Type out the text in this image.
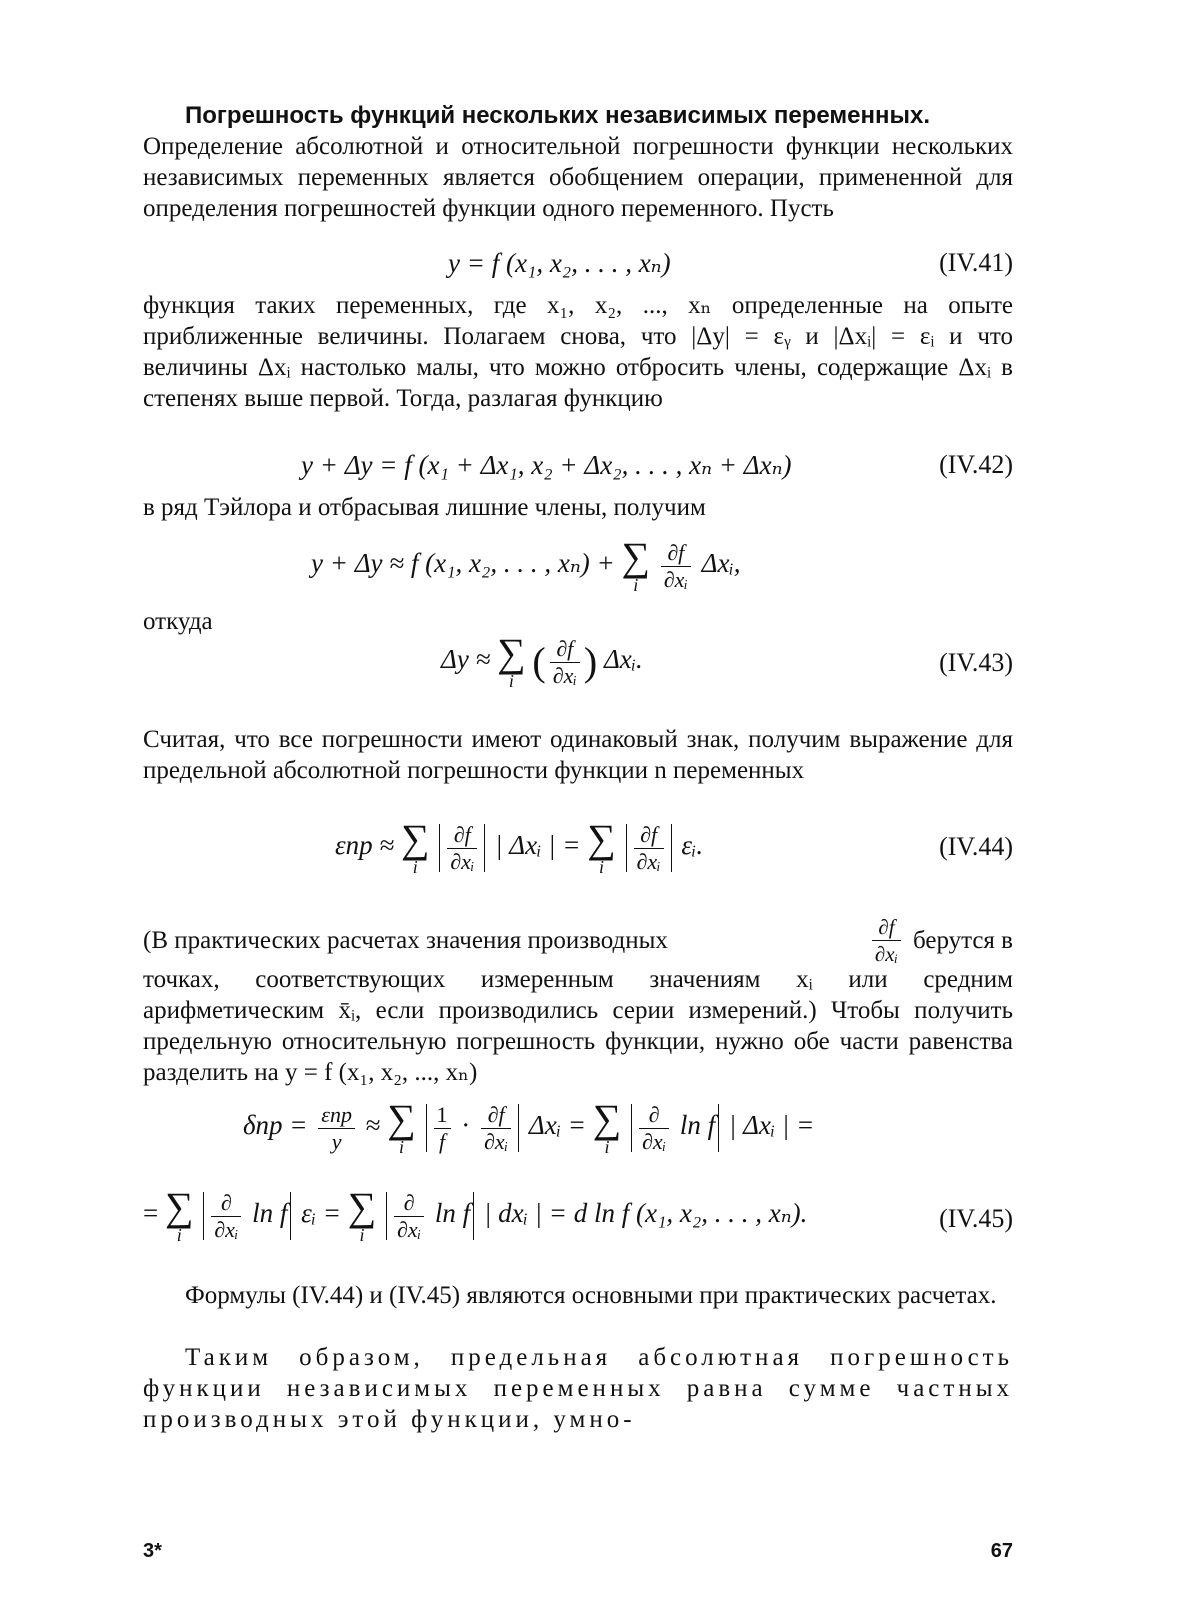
Погрешность функций нескольких независимых переменных. Определение абсолютной и относительной погрешности функции нескольких независимых переменных является обобщением операции, примененной для определения погрешностей функции одного переменного. Пусть

y = f (x₁, x₂, . . . , xₙ)	(IV.41)

функция таких переменных, где x₁, x₂, ..., xₙ определенные на опыте приближенные величины. Полагаем снова, что |Δy| = εᵧ и |Δxᵢ| = εᵢ и что величины Δxᵢ настолько малы, что можно отбросить члены, содержащие Δxᵢ в степенях выше первой. Тогда, разлагая функцию

y + Δy = f (x₁ + Δx₁, x₂ + Δx₂, . . . , xₙ + Δxₙ)	(IV.42)

в ряд Тэйлора и отбрасывая лишние члены, получим

y + Δy ≈ f (x₁, x₂, . . . , xₙ) + ∑
i
	$\frac{\partial f}{\text{∂xᵢ}}$ Δxᵢ,

откуда

Δy ≈ ∑
i ( $\frac{\partial f}{\text{∂xᵢ}}$ ) Δxᵢ.	(IV.43)

Считая, что все погрешности имеют одинаковый знак, получим выражение для предельной абсолютной погрешности функции n переменных

εпр ≈ ∑
i
	$\frac{\partial f}{\text{∂xᵢ}}$ | Δxᵢ | = ∑
i
	$\frac{\partial f}{\text{∂xᵢ}}$ εᵢ.	(IV.44)
(В практических расчетах значения производных	$\frac{\partial f}{\text{∂xᵢ}}$ берутся в

точках, соответствующих измеренным значениям xᵢ или средним арифметическим x̄ᵢ, если производились серии измерений.) Чтобы получить предельную относительную погрешность функции, нужно обе части равенства разделить на y = f (x₁, x₂, ..., xₙ)

$\delta пр = \frac{\text{εпр}}{y}$ ≈ ∑
i
	$\frac{1}{f} \cdot \frac{\partial f}{\text{∂xᵢ}}$ Δxᵢ = ∑
i
	$\frac{\partial}{\text{∂xᵢ}}$ ln f | Δxᵢ | =
= ∑
i
	$\frac{\partial}{\text{∂xᵢ}}$ ln f εᵢ = ∑
i
	$\frac{\partial}{\text{∂xᵢ}}$ ln f | dxᵢ | = d ln f (x₁, x₂, . . . , xₙ).	(IV.45)

Формулы (IV.44) и (IV.45) являются основными при практических расчетах.

Таким образом, предельная абсолютная погрешность функции независимых переменных равна сумме частных производных этой функции, умно-

3*	67
